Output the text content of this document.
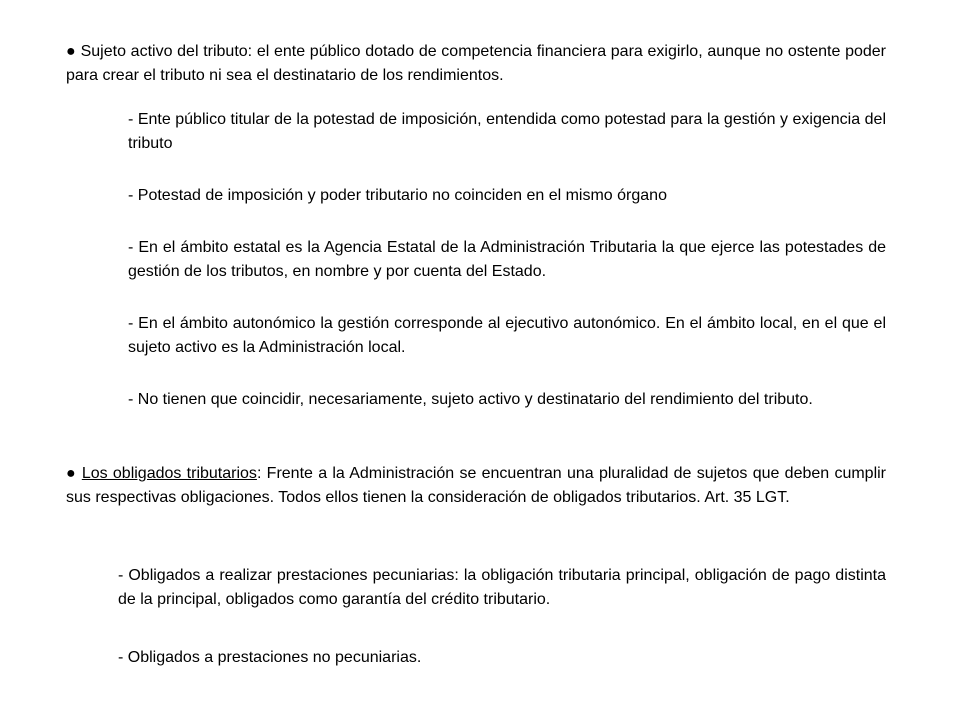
● Sujeto activo del tributo: el ente público dotado de competencia financiera para exigirlo, aunque no ostente poder para crear el tributo ni sea el destinatario de los rendimientos.

- Ente público titular de la potestad de imposición, entendida como potestad para la gestión y exigencia del tributo

- Potestad de imposición y poder tributario no coinciden en el mismo órgano

- En el ámbito estatal es la Agencia Estatal de la Administración Tributaria la que ejerce las potestades de gestión de los tributos, en nombre y por cuenta del Estado.

- En el ámbito autonómico la gestión corresponde al ejecutivo autonómico. En el ámbito local, en el que el sujeto activo es la Administración local.

- No tienen que coincidir, necesariamente, sujeto activo y destinatario del rendimiento del tributo.

● Los obligados tributarios: Frente a la Administración se encuentran una pluralidad de sujetos que deben cumplir sus respectivas obligaciones. Todos ellos tienen la consideración de obligados tributarios. Art. 35 LGT.

- Obligados a realizar prestaciones pecuniarias: la obligación tributaria principal, obligación de pago distinta de la principal, obligados como garantía del crédito tributario.

- Obligados a prestaciones no pecuniarias.
